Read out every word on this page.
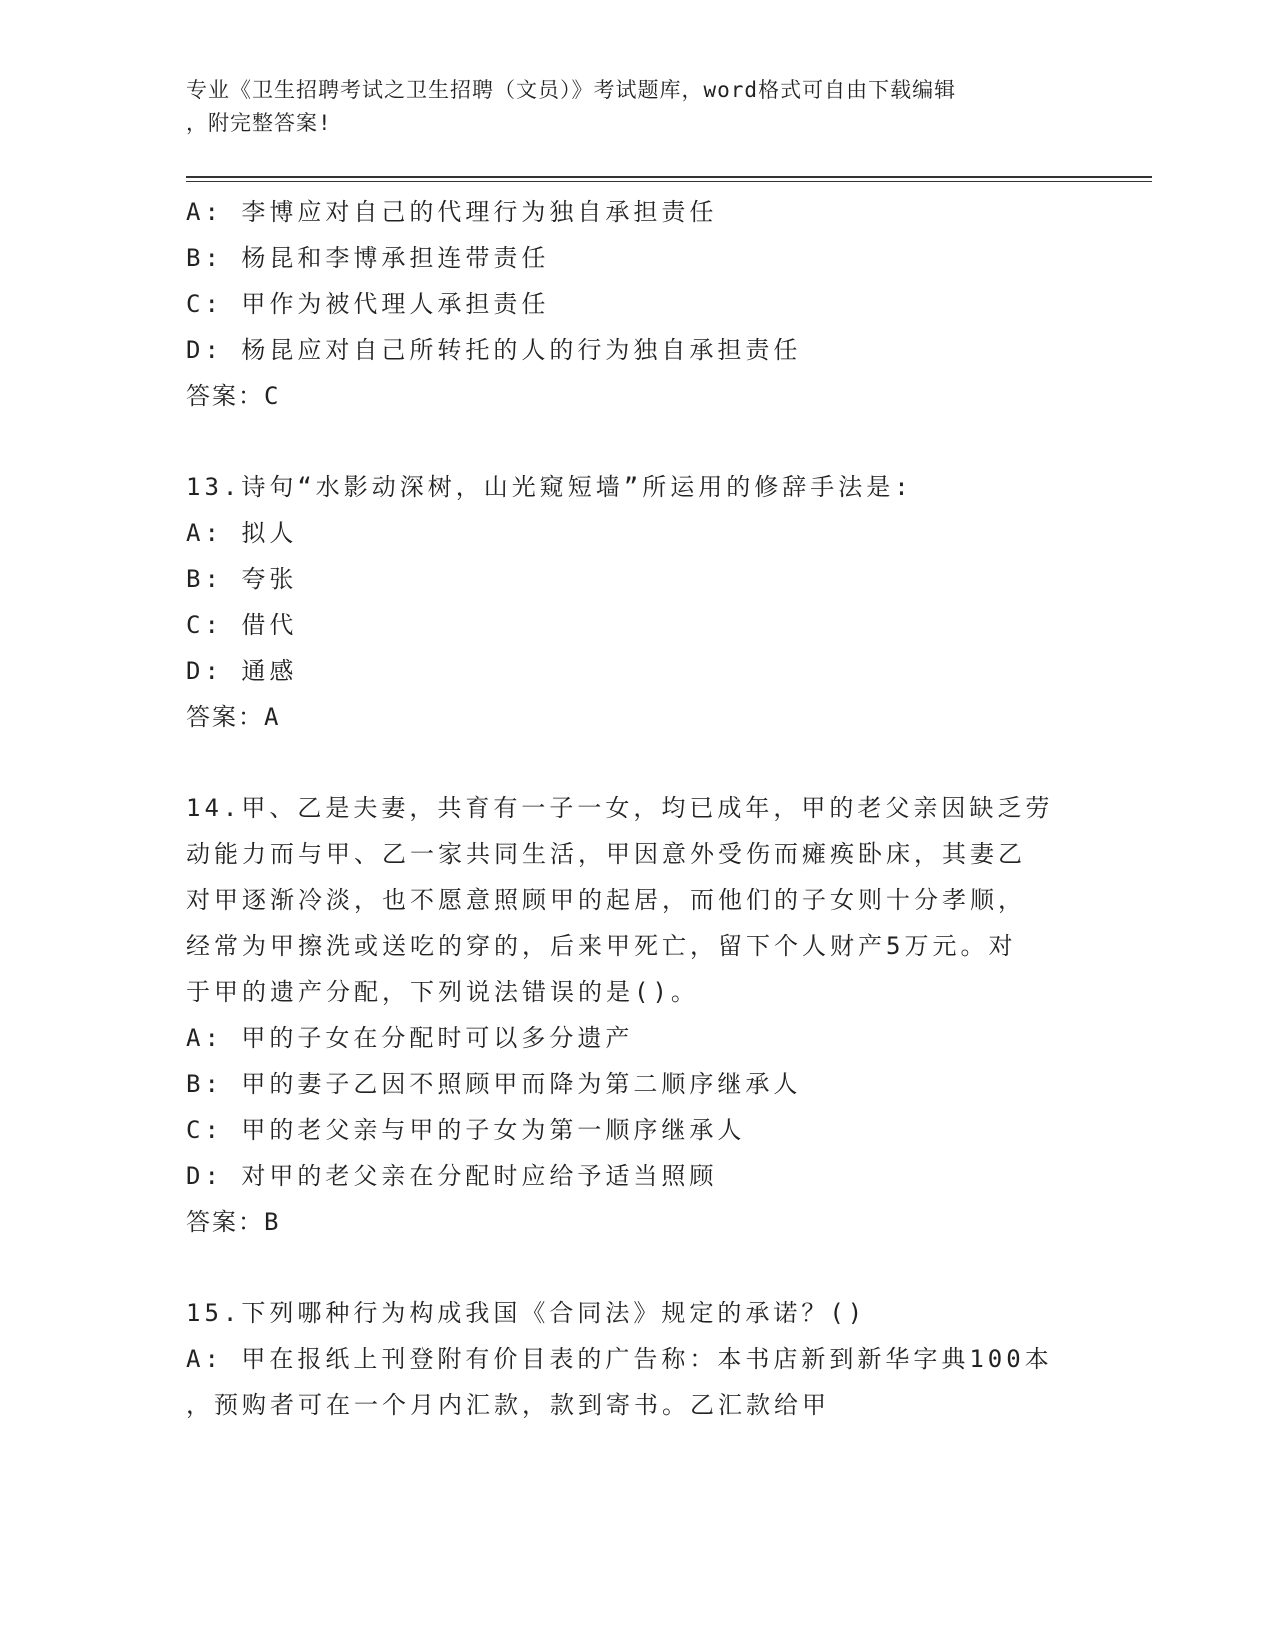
专业《卫生招聘考试之卫生招聘（文员）》考试题库，word格式可自由下载编辑
，附完整答案!
A: 李博应对自己的代理行为独自承担责任
B: 杨昆和李博承担连带责任
C: 甲作为被代理人承担责任
D: 杨昆应对自己所转托的人的行为独自承担责任
答案：C
13.诗句“水影动深树，山光窥短墙”所运用的修辞手法是:
A: 拟人
B: 夸张
C: 借代
D: 通感
答案：A
14.甲、乙是夫妻，共育有一子一女，均已成年，甲的老父亲因缺乏劳
动能力而与甲、乙一家共同生活，甲因意外受伤而瘫痪卧床，其妻乙
对甲逐渐冷淡，也不愿意照顾甲的起居，而他们的子女则十分孝顺，
经常为甲擦洗或送吃的穿的，后来甲死亡，留下个人财产5万元。对
于甲的遗产分配，下列说法错误的是()。
A: 甲的子女在分配时可以多分遗产
B: 甲的妻子乙因不照顾甲而降为第二顺序继承人
C: 甲的老父亲与甲的子女为第一顺序继承人
D: 对甲的老父亲在分配时应给予适当照顾
答案：B
15.下列哪种行为构成我国《合同法》规定的承诺？()
A: 甲在报纸上刊登附有价目表的广告称：本书店新到新华字典100本
，预购者可在一个月内汇款，款到寄书。乙汇款给甲
